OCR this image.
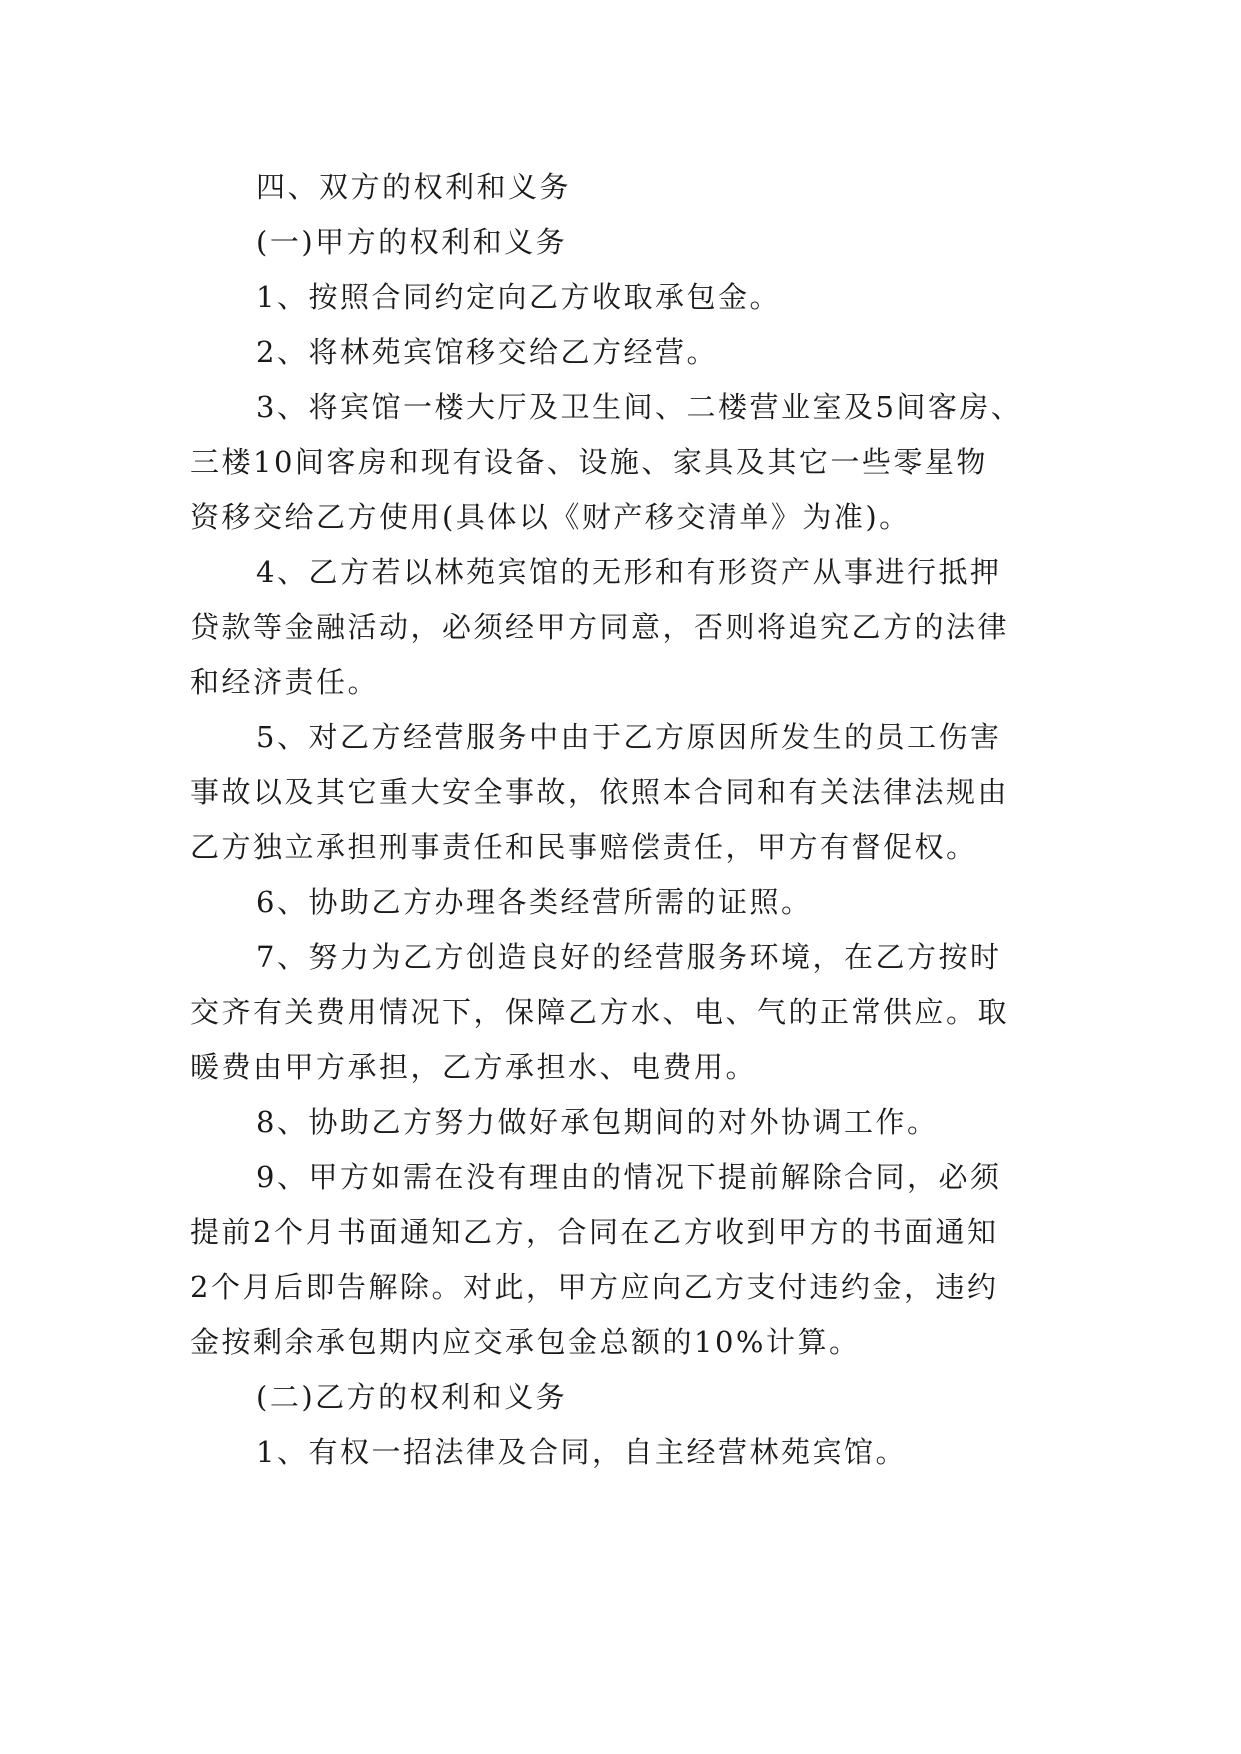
四、双方的权利和义务
(一)甲方的权利和义务
1、按照合同约定向乙方收取承包金。
2、将林苑宾馆移交给乙方经营。
3、将宾馆一楼大厅及卫生间、二楼营业室及5间客房、
三楼10间客房和现有设备、设施、家具及其它一些零星物
资移交给乙方使用(具体以《财产移交清单》为准)。
4、乙方若以林苑宾馆的无形和有形资产从事进行抵押
贷款等金融活动，必须经甲方同意，否则将追究乙方的法律
和经济责任。
5、对乙方经营服务中由于乙方原因所发生的员工伤害
事故以及其它重大安全事故，依照本合同和有关法律法规由
乙方独立承担刑事责任和民事赔偿责任，甲方有督促权。
6、协助乙方办理各类经营所需的证照。
7、努力为乙方创造良好的经营服务环境，在乙方按时
交齐有关费用情况下，保障乙方水、电、气的正常供应。取
暖费由甲方承担，乙方承担水、电费用。
8、协助乙方努力做好承包期间的对外协调工作。
9、甲方如需在没有理由的情况下提前解除合同，必须
提前2个月书面通知乙方，合同在乙方收到甲方的书面通知
2个月后即告解除。对此，甲方应向乙方支付违约金，违约
金按剩余承包期内应交承包金总额的10%计算。
(二)乙方的权利和义务
1、有权一招法律及合同，自主经营林苑宾馆。
